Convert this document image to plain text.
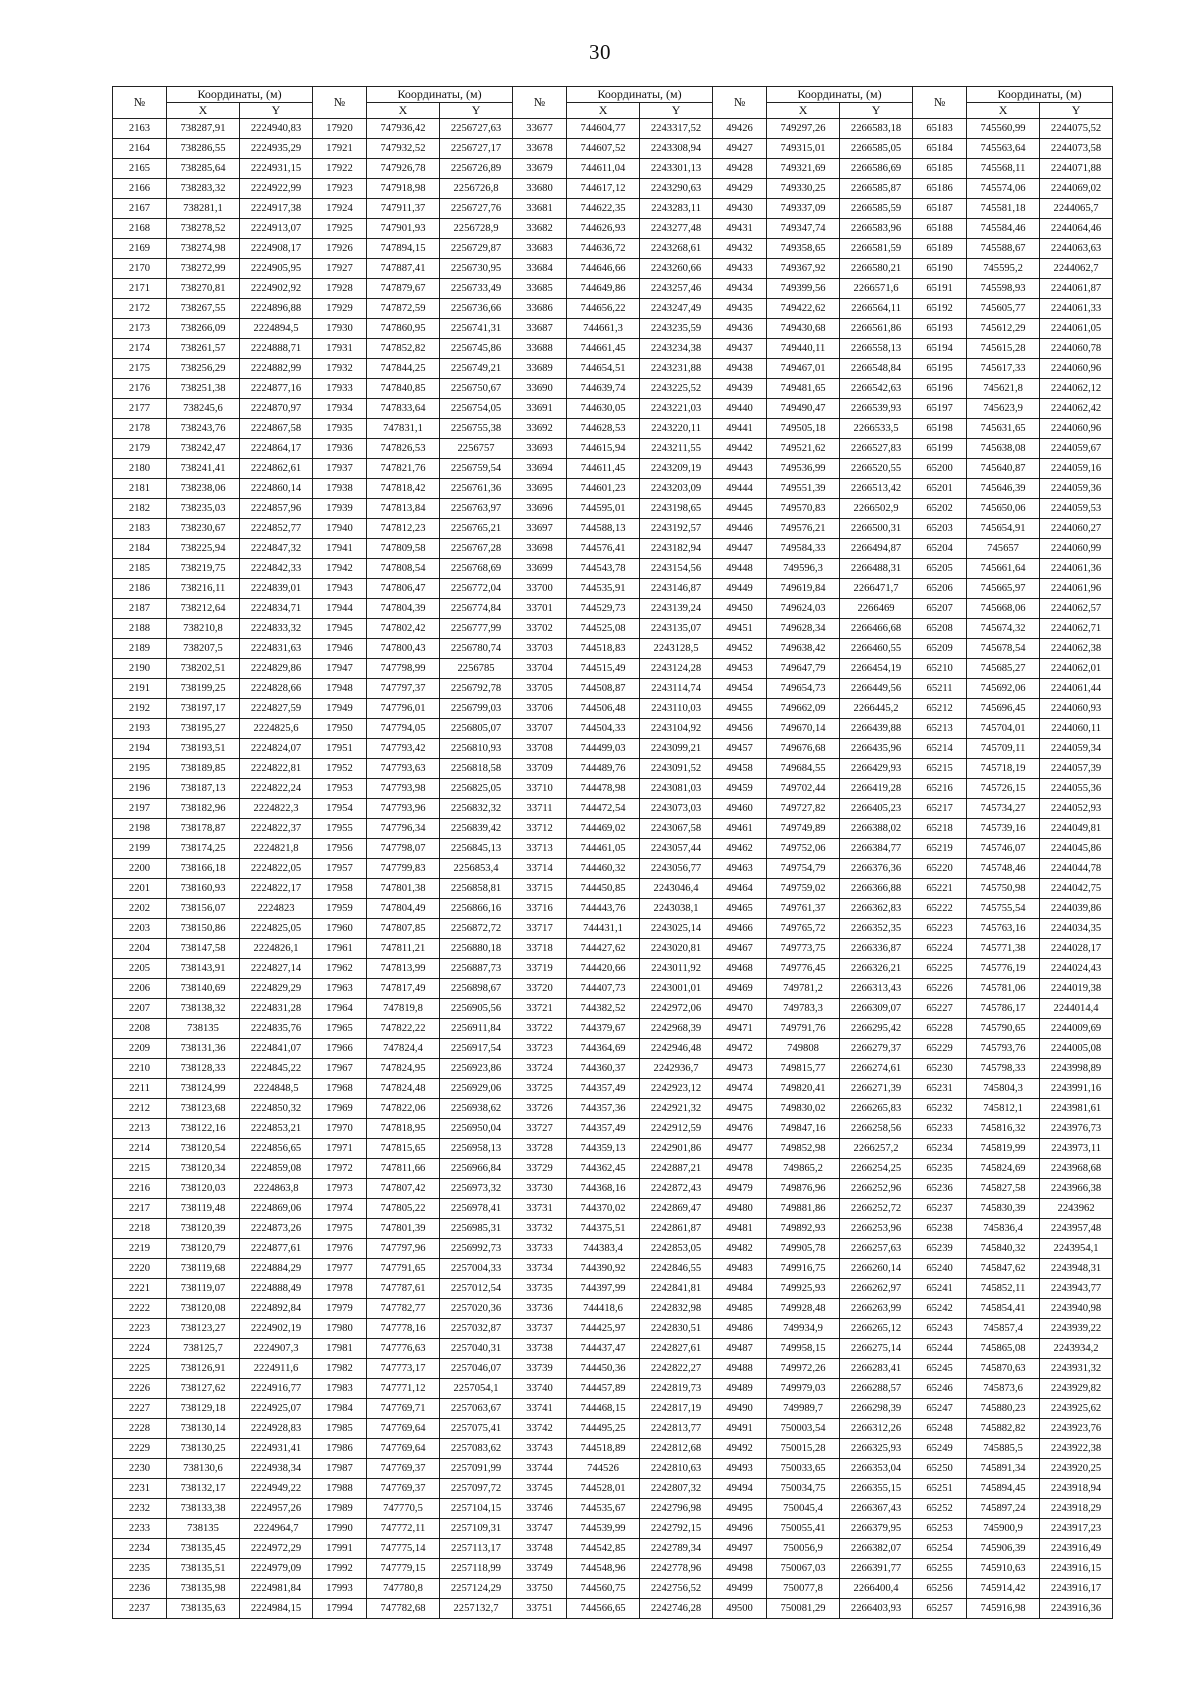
30
№	Координаты, (м)		№	Координаты, (м)		№	Координаты, (м)		№	Координаты, (м)		№	Координаты, (м)	
	X	Y		X	Y		X	Y		X	Y		X	Y
2163	738287,91	2224940,83	17920	747936,42	2256727,63	33677	744604,77	2243317,52	49426	749297,26	2266583,18	65183	745560,99	2244075,52
2164	738286,55	2224935,29	17921	747932,52	2256727,17	33678	744607,52	2243308,94	49427	749315,01	2266585,05	65184	745563,64	2244073,58
2165	738285,64	2224931,15	17922	747926,78	2256726,89	33679	744611,04	2243301,13	49428	749321,69	2266586,69	65185	745568,11	2244071,88
2166	738283,32	2224922,99	17923	747918,98	2256726,8	33680	744617,12	2243290,63	49429	749330,25	2266585,87	65186	745574,06	2244069,02
2167	738281,1	2224917,38	17924	747911,37	2256727,76	33681	744622,35	2243283,11	49430	749337,09	2266585,59	65187	745581,18	2244065,7
2168	738278,52	2224913,07	17925	747901,93	2256728,9	33682	744626,93	2243277,48	49431	749347,74	2266583,96	65188	745584,46	2244064,46
2169	738274,98	2224908,17	17926	747894,15	2256729,87	33683	744636,72	2243268,61	49432	749358,65	2266581,59	65189	745588,67	2244063,63
2170	738272,99	2224905,95	17927	747887,41	2256730,95	33684	744646,66	2243260,66	49433	749367,92	2266580,21	65190	745595,2	2244062,7
2171	738270,81	2224902,92	17928	747879,67	2256733,49	33685	744649,86	2243257,46	49434	749399,56	2266571,6	65191	745598,93	2244061,87
2172	738267,55	2224896,88	17929	747872,59	2256736,66	33686	744656,22	2243247,49	49435	749422,62	2266564,11	65192	745605,77	2244061,33
2173	738266,09	2224894,5	17930	747860,95	2256741,31	33687	744661,3	2243235,59	49436	749430,68	2266561,86	65193	745612,29	2244061,05
2174	738261,57	2224888,71	17931	747852,82	2256745,86	33688	744661,45	2243234,38	49437	749440,11	2266558,13	65194	745615,28	2244060,78
2175	738256,29	2224882,99	17932	747844,25	2256749,21	33689	744654,51	2243231,88	49438	749467,01	2266548,84	65195	745617,33	2244060,96
2176	738251,38	2224877,16	17933	747840,85	2256750,67	33690	744639,74	2243225,52	49439	749481,65	2266542,63	65196	745621,8	2244062,12
2177	738245,6	2224870,97	17934	747833,64	2256754,05	33691	744630,05	2243221,03	49440	749490,47	2266539,93	65197	745623,9	2244062,42
2178	738243,76	2224867,58	17935	747831,1	2256755,38	33692	744628,53	2243220,11	49441	749505,18	2266533,5	65198	745631,65	2244060,96
2179	738242,47	2224864,17	17936	747826,53	2256757	33693	744615,94	2243211,55	49442	749521,62	2266527,83	65199	745638,08	2244059,67
2180	738241,41	2224862,61	17937	747821,76	2256759,54	33694	744611,45	2243209,19	49443	749536,99	2266520,55	65200	745640,87	2244059,16
2181	738238,06	2224860,14	17938	747818,42	2256761,36	33695	744601,23	2243203,09	49444	749551,39	2266513,42	65201	745646,39	2244059,36
2182	738235,03	2224857,96	17939	747813,84	2256763,97	33696	744595,01	2243198,65	49445	749570,83	2266502,9	65202	745650,06	2244059,53
2183	738230,67	2224852,77	17940	747812,23	2256765,21	33697	744588,13	2243192,57	49446	749576,21	2266500,31	65203	745654,91	2244060,27
2184	738225,94	2224847,32	17941	747809,58	2256767,28	33698	744576,41	2243182,94	49447	749584,33	2266494,87	65204	745657	2244060,99
2185	738219,75	2224842,33	17942	747808,54	2256768,69	33699	744543,78	2243154,56	49448	749596,3	2266488,31	65205	745661,64	2244061,36
2186	738216,11	2224839,01	17943	747806,47	2256772,04	33700	744535,91	2243146,87	49449	749619,84	2266471,7	65206	745665,97	2244061,96
2187	738212,64	2224834,71	17944	747804,39	2256774,84	33701	744529,73	2243139,24	49450	749624,03	2266469	65207	745668,06	2244062,57
2188	738210,8	2224833,32	17945	747802,42	2256777,99	33702	744525,08	2243135,07	49451	749628,34	2266466,68	65208	745674,32	2244062,71
2189	738207,5	2224831,63	17946	747800,43	2256780,74	33703	744518,83	2243128,5	49452	749638,42	2266460,55	65209	745678,54	2244062,38
2190	738202,51	2224829,86	17947	747798,99	2256785	33704	744515,49	2243124,28	49453	749647,79	2266454,19	65210	745685,27	2244062,01
2191	738199,25	2224828,66	17948	747797,37	2256792,78	33705	744508,87	2243114,74	49454	749654,73	2266449,56	65211	745692,06	2244061,44
2192	738197,17	2224827,59	17949	747796,01	2256799,03	33706	744506,48	2243110,03	49455	749662,09	2266445,2	65212	745696,45	2244060,93
2193	738195,27	2224825,6	17950	747794,05	2256805,07	33707	744504,33	2243104,92	49456	749670,14	2266439,88	65213	745704,01	2244060,11
2194	738193,51	2224824,07	17951	747793,42	2256810,93	33708	744499,03	2243099,21	49457	749676,68	2266435,96	65214	745709,11	2244059,34
2195	738189,85	2224822,81	17952	747793,63	2256818,58	33709	744489,76	2243091,52	49458	749684,55	2266429,93	65215	745718,19	2244057,39
2196	738187,13	2224822,24	17953	747793,98	2256825,05	33710	744478,98	2243081,03	49459	749702,44	2266419,28	65216	745726,15	2244055,36
2197	738182,96	2224822,3	17954	747793,96	2256832,32	33711	744472,54	2243073,03	49460	749727,82	2266405,23	65217	745734,27	2244052,93
2198	738178,87	2224822,37	17955	747796,34	2256839,42	33712	744469,02	2243067,58	49461	749749,89	2266388,02	65218	745739,16	2244049,81
2199	738174,25	2224821,8	17956	747798,07	2256845,13	33713	744461,05	2243057,44	49462	749752,06	2266384,77	65219	745746,07	2244045,86
2200	738166,18	2224822,05	17957	747799,83	2256853,4	33714	744460,32	2243056,77	49463	749754,79	2266376,36	65220	745748,46	2244044,78
2201	738160,93	2224822,17	17958	747801,38	2256858,81	33715	744450,85	2243046,4	49464	749759,02	2266366,88	65221	745750,98	2244042,75
2202	738156,07	2224823	17959	747804,49	2256866,16	33716	744443,76	2243038,1	49465	749761,37	2266362,83	65222	745755,54	2244039,86
2203	738150,86	2224825,05	17960	747807,85	2256872,72	33717	744431,1	2243025,14	49466	749765,72	2266352,35	65223	745763,16	2244034,35
2204	738147,58	2224826,1	17961	747811,21	2256880,18	33718	744427,62	2243020,81	49467	749773,75	2266336,87	65224	745771,38	2244028,17
2205	738143,91	2224827,14	17962	747813,99	2256887,73	33719	744420,66	2243011,92	49468	749776,45	2266326,21	65225	745776,19	2244024,43
2206	738140,69	2224829,29	17963	747817,49	2256898,67	33720	744407,73	2243001,01	49469	749781,2	2266313,43	65226	745781,06	2244019,38
2207	738138,32	2224831,28	17964	747819,8	2256905,56	33721	744382,52	2242972,06	49470	749783,3	2266309,07	65227	745786,17	2244014,4
2208	738135	2224835,76	17965	747822,22	2256911,84	33722	744379,67	2242968,39	49471	749791,76	2266295,42	65228	745790,65	2244009,69
2209	738131,36	2224841,07	17966	747824,4	2256917,54	33723	744364,69	2242946,48	49472	749808	2266279,37	65229	745793,76	2244005,08
2210	738128,33	2224845,22	17967	747824,95	2256923,86	33724	744360,37	2242936,7	49473	749815,77	2266274,61	65230	745798,33	2243998,89
2211	738124,99	2224848,5	17968	747824,48	2256929,06	33725	744357,49	2242923,12	49474	749820,41	2266271,39	65231	745804,3	2243991,16
2212	738123,68	2224850,32	17969	747822,06	2256938,62	33726	744357,36	2242921,32	49475	749830,02	2266265,83	65232	745812,1	2243981,61
2213	738122,16	2224853,21	17970	747818,95	2256950,04	33727	744357,49	2242912,59	49476	749847,16	2266258,56	65233	745816,32	2243976,73
2214	738120,54	2224856,65	17971	747815,65	2256958,13	33728	744359,13	2242901,86	49477	749852,98	2266257,2	65234	745819,99	2243973,11
2215	738120,34	2224859,08	17972	747811,66	2256966,84	33729	744362,45	2242887,21	49478	749865,2	2266254,25	65235	745824,69	2243968,68
2216	738120,03	2224863,8	17973	747807,42	2256973,32	33730	744368,16	2242872,43	49479	749876,96	2266252,96	65236	745827,58	2243966,38
2217	738119,48	2224869,06	17974	747805,22	2256978,41	33731	744370,02	2242869,47	49480	749881,86	2266252,72	65237	745830,39	2243962
2218	738120,39	2224873,26	17975	747801,39	2256985,31	33732	744375,51	2242861,87	49481	749892,93	2266253,96	65238	745836,4	2243957,48
2219	738120,79	2224877,61	17976	747797,96	2256992,73	33733	744383,4	2242853,05	49482	749905,78	2266257,63	65239	745840,32	2243954,1
2220	738119,68	2224884,29	17977	747791,65	2257004,33	33734	744390,92	2242846,55	49483	749916,75	2266260,14	65240	745847,62	2243948,31
2221	738119,07	2224888,49	17978	747787,61	2257012,54	33735	744397,99	2242841,81	49484	749925,93	2266262,97	65241	745852,11	2243943,77
2222	738120,08	2224892,84	17979	747782,77	2257020,36	33736	744418,6	2242832,98	49485	749928,48	2266263,99	65242	745854,41	2243940,98
2223	738123,27	2224902,19	17980	747778,16	2257032,87	33737	744425,97	2242830,51	49486	749934,9	2266265,12	65243	745857,4	2243939,22
2224	738125,7	2224907,3	17981	747776,63	2257040,31	33738	744437,47	2242827,61	49487	749958,15	2266275,14	65244	745865,08	2243934,2
2225	738126,91	2224911,6	17982	747773,17	2257046,07	33739	744450,36	2242822,27	49488	749972,26	2266283,41	65245	745870,63	2243931,32
2226	738127,62	2224916,77	17983	747771,12	2257054,1	33740	744457,89	2242819,73	49489	749979,03	2266288,57	65246	745873,6	2243929,82
2227	738129,18	2224925,07	17984	747769,71	2257063,67	33741	744468,15	2242817,19	49490	749989,7	2266298,39	65247	745880,23	2243925,62
2228	738130,14	2224928,83	17985	747769,64	2257075,41	33742	744495,25	2242813,77	49491	750003,54	2266312,26	65248	745882,82	2243923,76
2229	738130,25	2224931,41	17986	747769,64	2257083,62	33743	744518,89	2242812,68	49492	750015,28	2266325,93	65249	745885,5	2243922,38
2230	738130,6	2224938,34	17987	747769,37	2257091,99	33744	744526	2242810,63	49493	750033,65	2266353,04	65250	745891,34	2243920,25
2231	738132,17	2224949,22	17988	747769,37	2257097,72	33745	744528,01	2242807,32	49494	750034,75	2266355,15	65251	745894,45	2243918,94
2232	738133,38	2224957,26	17989	747770,5	2257104,15	33746	744535,67	2242796,98	49495	750045,4	2266367,43	65252	745897,24	2243918,29
2233	738135	2224964,7	17990	747772,11	2257109,31	33747	744539,99	2242792,15	49496	750055,41	2266379,95	65253	745900,9	2243917,23
2234	738135,45	2224972,29	17991	747775,14	2257113,17	33748	744542,85	2242789,34	49497	750056,9	2266382,07	65254	745906,39	2243916,49
2235	738135,51	2224979,09	17992	747779,15	2257118,99	33749	744548,96	2242778,96	49498	750067,03	2266391,77	65255	745910,63	2243916,15
2236	738135,98	2224981,84	17993	747780,8	2257124,29	33750	744560,75	2242756,52	49499	750077,8	2266400,4	65256	745914,42	2243916,17
2237	738135,63	2224984,15	17994	747782,68	2257132,7	33751	744566,65	2242746,28	49500	750081,29	2266403,93	65257	745916,98	2243916,36
